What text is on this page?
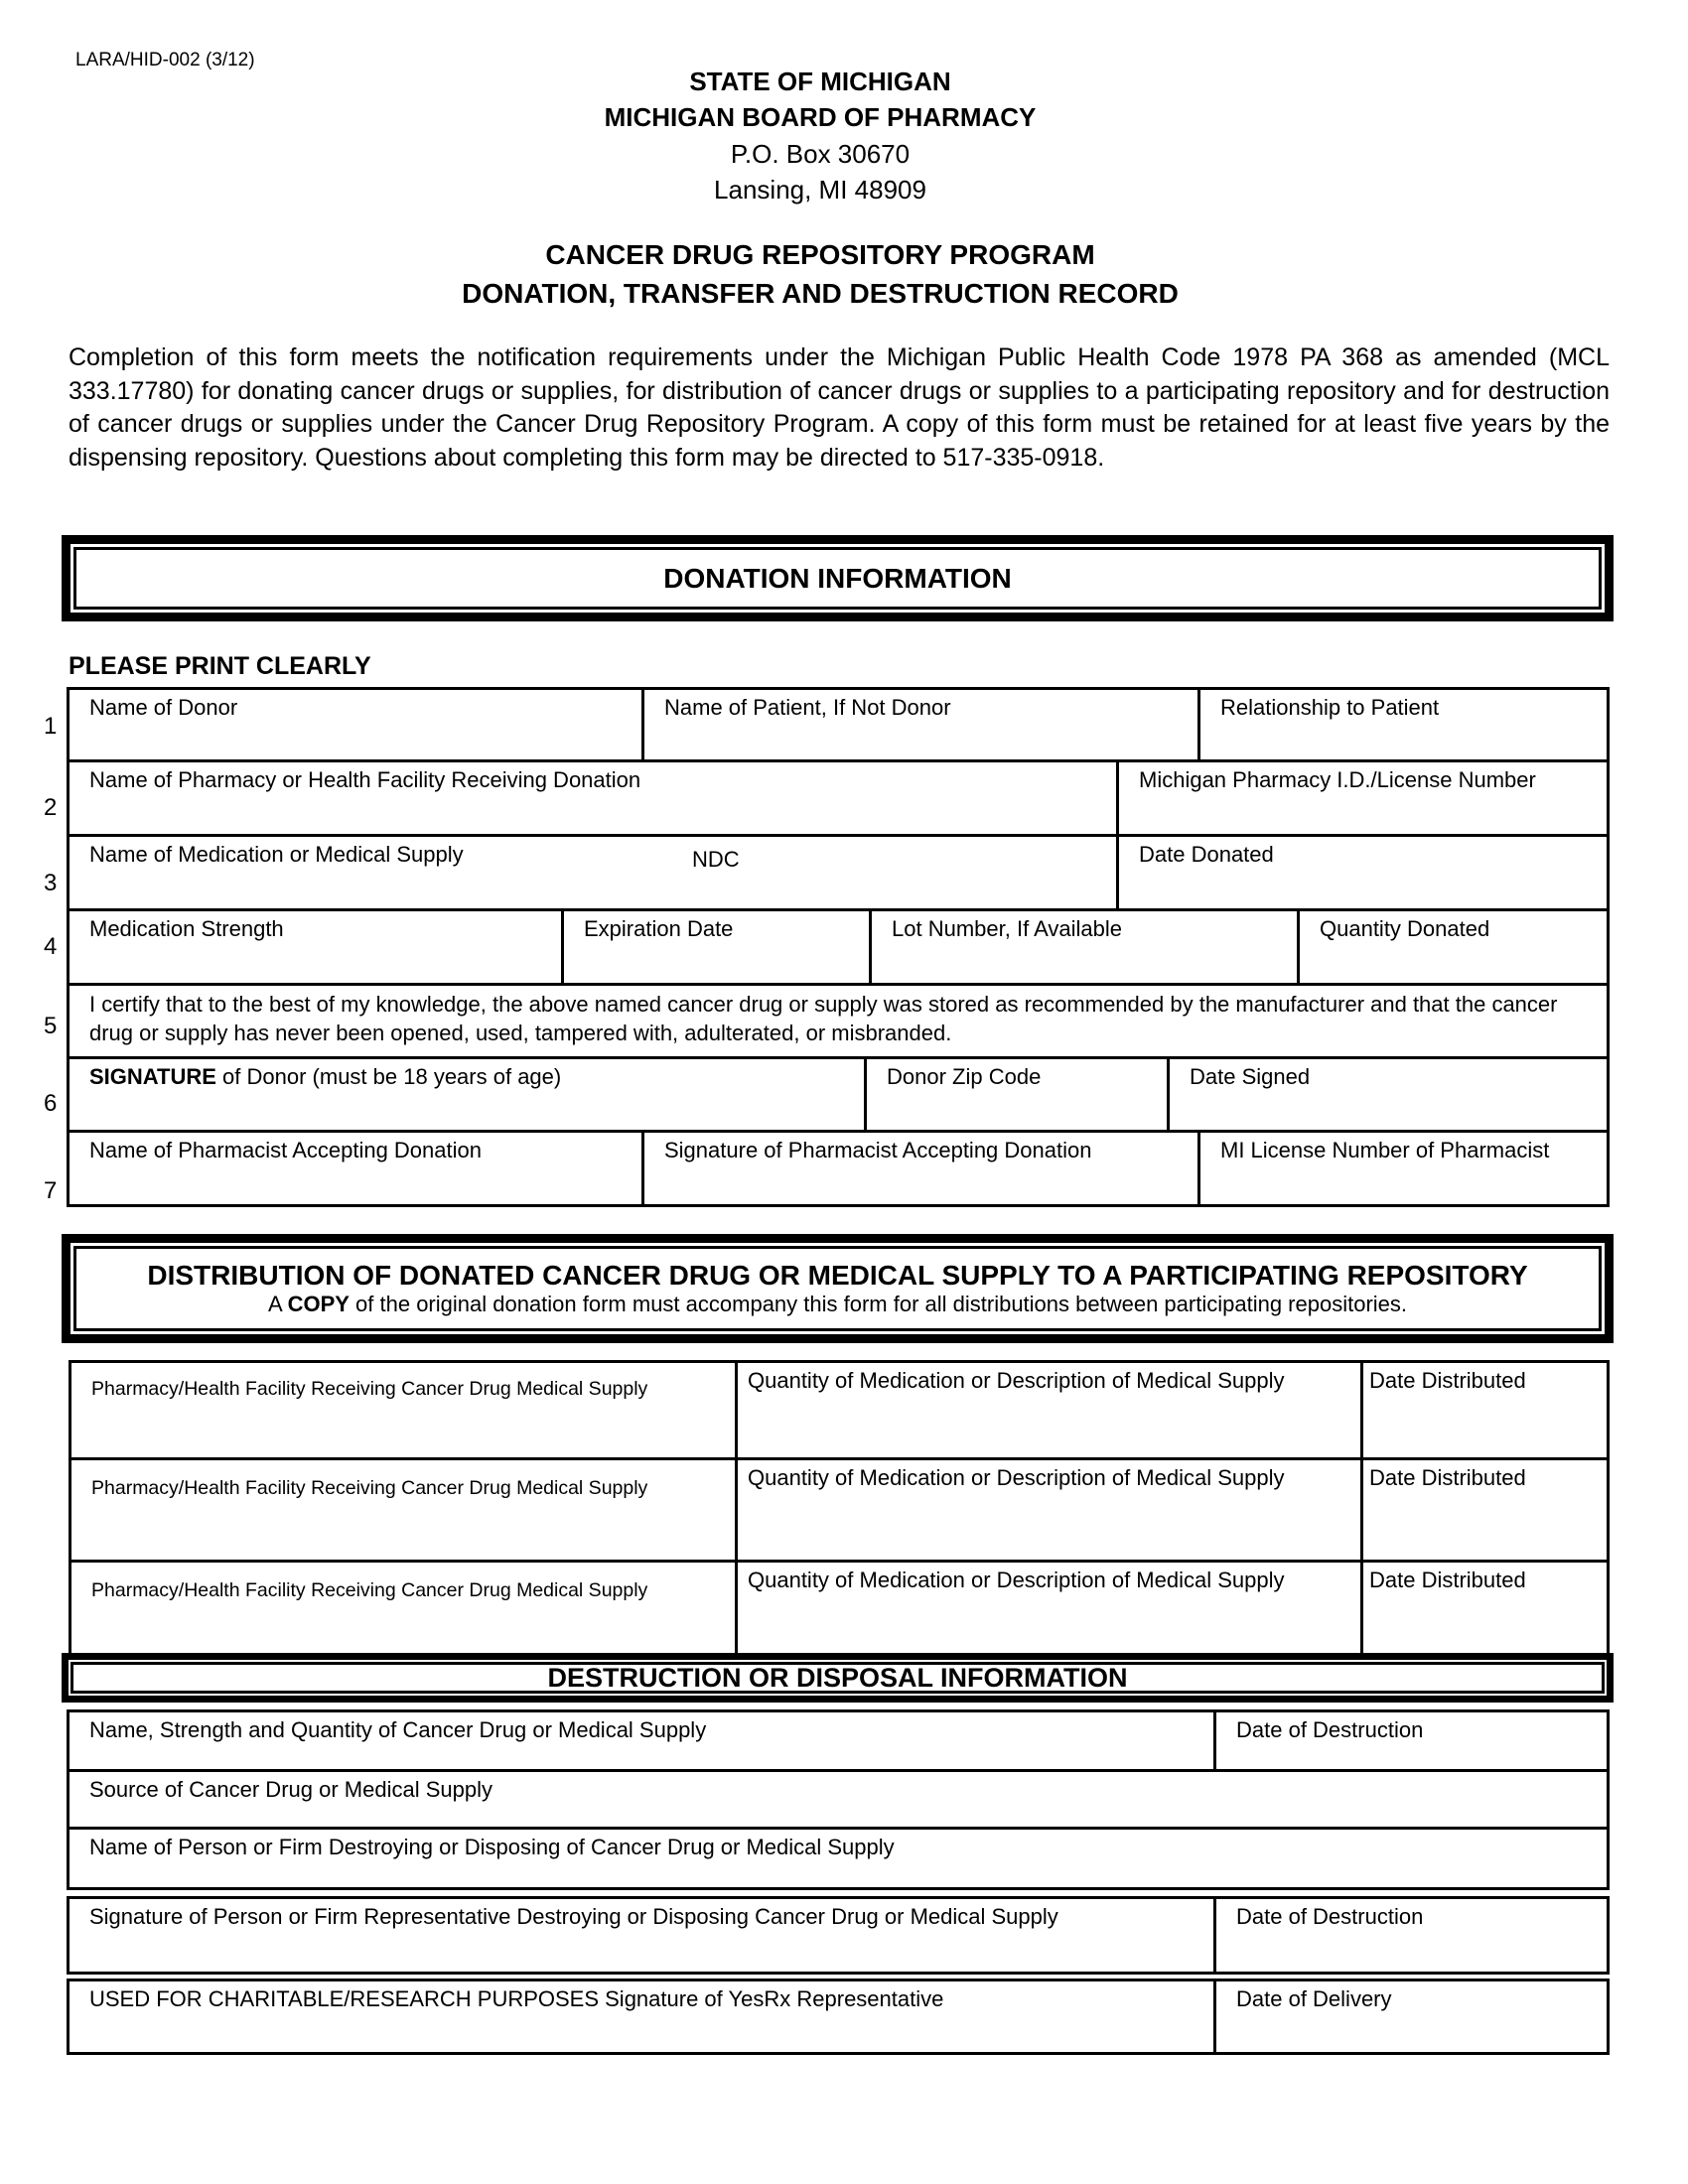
LARA/HID-002 (3/12)
STATE OF MICHIGAN
MICHIGAN BOARD OF PHARMACY
P.O. Box 30670
Lansing, MI 48909
CANCER DRUG REPOSITORY PROGRAM
DONATION, TRANSFER AND DESTRUCTION RECORD
Completion of this form meets the notification requirements under the Michigan Public Health Code 1978 PA 368 as amended (MCL 333.17780) for donating cancer drugs or supplies, for distribution of cancer drugs or supplies to a participating repository and for destruction of cancer drugs or supplies under the Cancer Drug Repository Program. A copy of this form must be retained for at least five years by the dispensing repository. Questions about completing this form may be directed to 517-335-0918.
DONATION INFORMATION
PLEASE PRINT CLEARLY
1
2
3
4
5
6
7
Name of Donor	Name of Patient, If Not Donor	Relationship to Patient
Name of Pharmacy or Health Facility Receiving Donation	Michigan Pharmacy I.D./License Number
Name of Medication or Medical Supply	NDC	Date Donated
Medication Strength	Expiration Date	Lot Number, If Available	Quantity Donated
I certify that to the best of my knowledge, the above named cancer drug or supply was stored as recommended by the manufacturer and that the cancer drug or supply has never been opened, used, tampered with, adulterated, or misbranded.
SIGNATURE of Donor (must be 18 years of age)	Donor Zip Code	Date Signed
Name of Pharmacist Accepting Donation	Signature of Pharmacist Accepting Donation	MI License Number of Pharmacist
DISTRIBUTION OF DONATED CANCER DRUG OR MEDICAL SUPPLY TO A PARTICIPATING REPOSITORY
A COPY of the original donation form must accompany this form for all distributions between participating repositories.
Pharmacy/Health Facility Receiving Cancer Drug Medical Supply	Quantity of Medication or Description of Medical Supply	Date Distributed
Pharmacy/Health Facility Receiving Cancer Drug Medical Supply	Quantity of Medication or Description of Medical Supply	Date Distributed
Pharmacy/Health Facility Receiving Cancer Drug Medical Supply	Quantity of Medication or Description of Medical Supply	Date Distributed
DESTRUCTION OR DISPOSAL INFORMATION
Name, Strength and Quantity of Cancer Drug or Medical Supply	Date of Destruction
Source of Cancer Drug or Medical Supply
Name of Person or Firm Destroying or Disposing of Cancer Drug or Medical Supply
Signature of Person or Firm Representative Destroying or Disposing Cancer Drug or Medical Supply	Date of Destruction
USED FOR CHARITABLE/RESEARCH PURPOSES Signature of YesRx Representative	Date of Delivery
